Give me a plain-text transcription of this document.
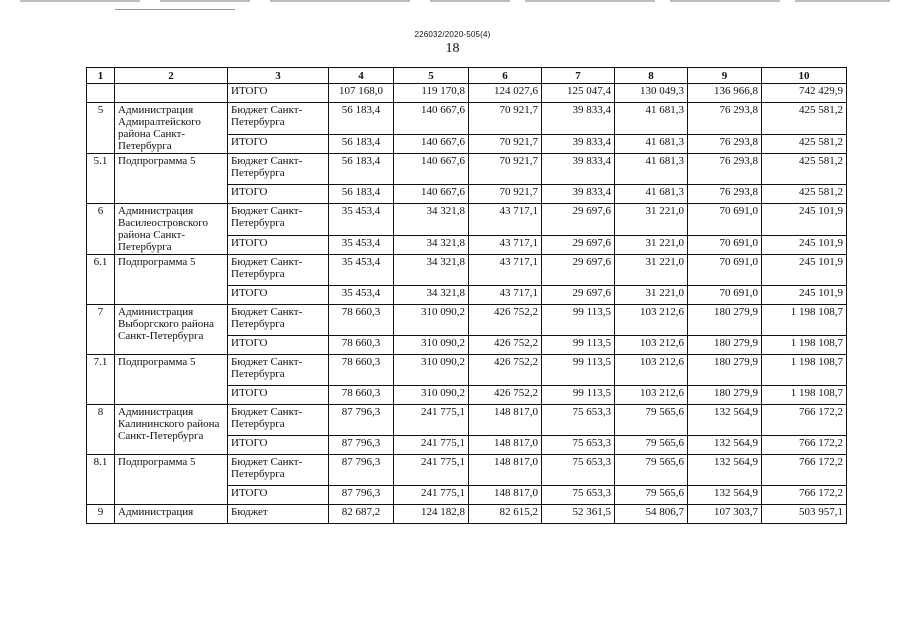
226032/2020-505(4)
18
1	2	3	4	5	6	7	8	9	10
		ИТОГО	107 168,0	119 170,8	124 027,6	125 047,4	130 049,3	136 966,8	742 429,9
5	Администрация Адмиралтейского района Санкт-Петербурга	Бюджет Санкт-Петербурга	56 183,4	140 667,6	70 921,7	39 833,4	41 681,3	76 293,8	425 581,2
		ИТОГО	56 183,4	140 667,6	70 921,7	39 833,4	41 681,3	76 293,8	425 581,2
5.1	Подпрограмма 5	Бюджет Санкт-Петербурга	56 183,4	140 667,6	70 921,7	39 833,4	41 681,3	76 293,8	425 581,2
		ИТОГО	56 183,4	140 667,6	70 921,7	39 833,4	41 681,3	76 293,8	425 581,2
6	Администрация Василеостровского района Санкт-Петербурга	Бюджет Санкт-Петербурга	35 453,4	34 321,8	43 717,1	29 697,6	31 221,0	70 691,0	245 101,9
		ИТОГО	35 453,4	34 321,8	43 717,1	29 697,6	31 221,0	70 691,0	245 101,9
6.1	Подпрограмма 5	Бюджет Санкт-Петербурга	35 453,4	34 321,8	43 717,1	29 697,6	31 221,0	70 691,0	245 101,9
		ИТОГО	35 453,4	34 321,8	43 717,1	29 697,6	31 221,0	70 691,0	245 101,9
7	Администрация Выборгского района Санкт-Петербурга	Бюджет Санкт-Петербурга	78 660,3	310 090,2	426 752,2	99 113,5	103 212,6	180 279,9	1 198 108,7
		ИТОГО	78 660,3	310 090,2	426 752,2	99 113,5	103 212,6	180 279,9	1 198 108,7
7.1	Подпрограмма 5	Бюджет Санкт-Петербурга	78 660,3	310 090,2	426 752,2	99 113,5	103 212,6	180 279,9	1 198 108,7
		ИТОГО	78 660,3	310 090,2	426 752,2	99 113,5	103 212,6	180 279,9	1 198 108,7
8	Администрация Калининского района Санкт-Петербурга	Бюджет Санкт-Петербурга	87 796,3	241 775,1	148 817,0	75 653,3	79 565,6	132 564,9	766 172,2
		ИТОГО	87 796,3	241 775,1	148 817,0	75 653,3	79 565,6	132 564,9	766 172,2
8.1	Подпрограмма 5	Бюджет Санкт-Петербурга	87 796,3	241 775,1	148 817,0	75 653,3	79 565,6	132 564,9	766 172,2
		ИТОГО	87 796,3	241 775,1	148 817,0	75 653,3	79 565,6	132 564,9	766 172,2
9	Администрация	Бюджет	82 687,2	124 182,8	82 615,2	52 361,5	54 806,7	107 303,7	503 957,1
